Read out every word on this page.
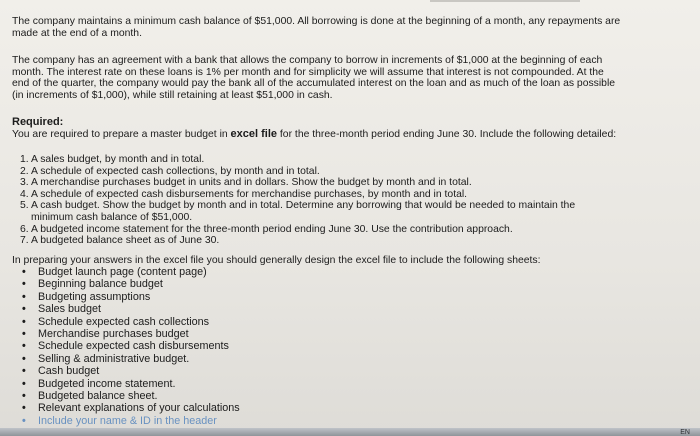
The company maintains a minimum cash balance of $51,000. All borrowing is done at the beginning of a month, any repayments are
made at the end of a month.
The company has an agreement with a bank that allows the company to borrow in increments of $1,000 at the beginning of each
month. The interest rate on these loans is 1% per month and for simplicity we will assume that interest is not compounded. At the
end of the quarter, the company would pay the bank all of the accumulated interest on the loan and as much of the loan as possible
(in increments of $1,000), while still retaining at least $51,000 in cash.
Required:
You are required to prepare a master budget in excel file for the three-month period ending June 30. Include the following detailed:
1. A sales budget, by month and in total.
2. A schedule of expected cash collections, by month and in total.
3. A merchandise purchases budget in units and in dollars. Show the budget by month and in total.
4. A schedule of expected cash disbursements for merchandise purchases, by month and in total.
5. A cash budget. Show the budget by month and in total. Determine any borrowing that would be needed to maintain the
minimum cash balance of $51,000.
6. A budgeted income statement for the three-month period ending June 30. Use the contribution approach.
7. A budgeted balance sheet as of June 30.
In preparing your answers in the excel file you should generally design the excel file to include the following sheets:
• Budget launch page (content page)
• Beginning balance budget
• Budgeting assumptions
• Sales budget
• Schedule expected cash collections
• Merchandise purchases budget
• Schedule expected cash disbursements
• Selling & administrative budget.
• Cash budget
• Budgeted income statement.
• Budgeted balance sheet.
• Relevant explanations of your calculations
• Include your name & ID in the header
EN
